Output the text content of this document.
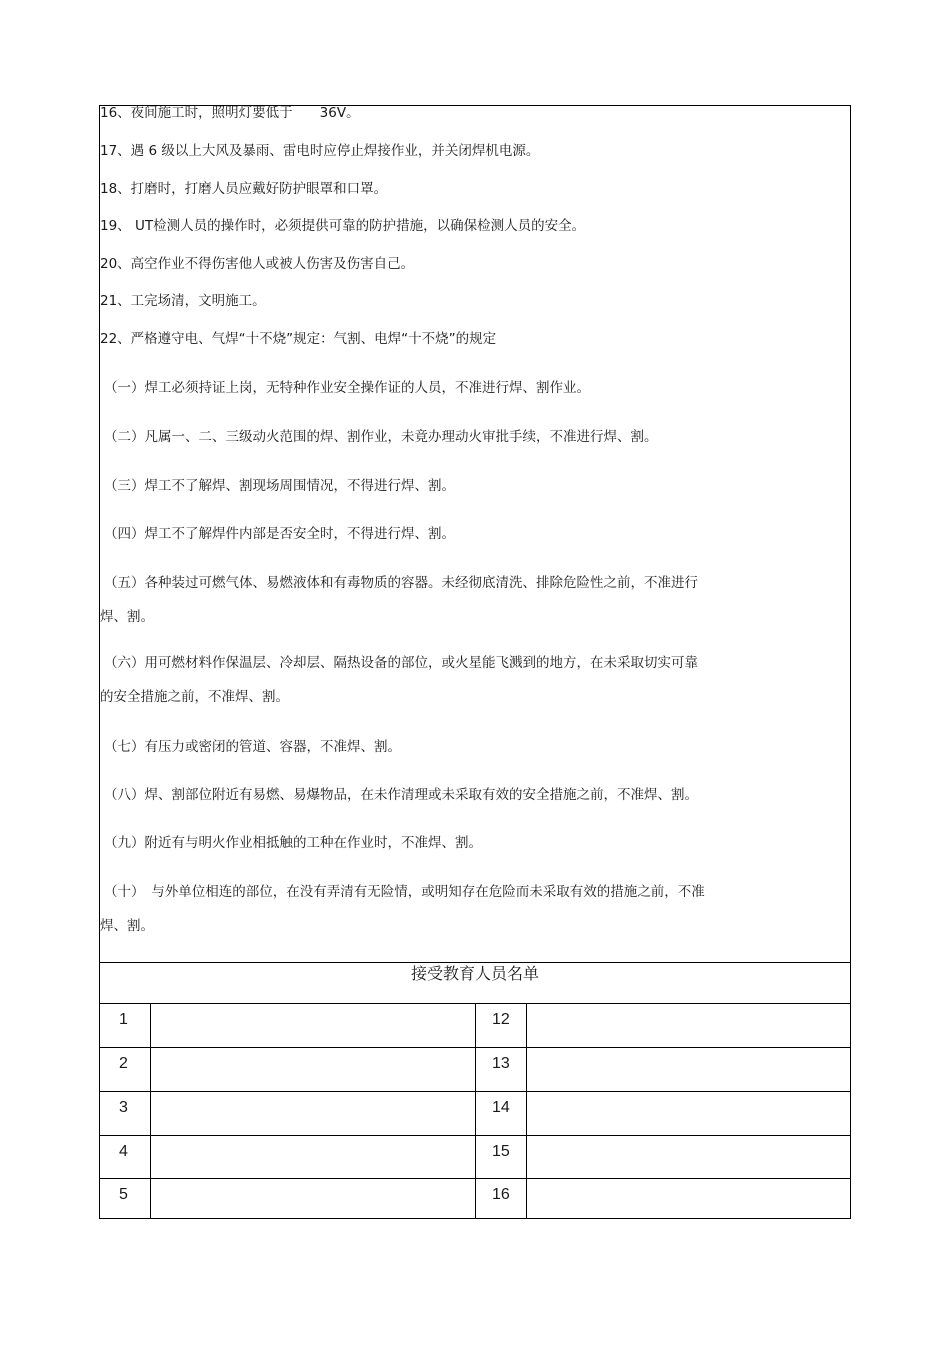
16、夜间施工时，照明灯要低于　　36V。
17、遇 6 级以上大风及暴雨、雷电时应停止焊接作业，并关闭焊机电源。
18、打磨时，打磨人员应戴好防护眼罩和口罩。
19、 UT检测人员的操作时，必须提供可靠的防护措施，以确保检测人员的安全。
20、高空作业不得伤害他人或被人伤害及伤害自己。
21、工完场清，文明施工。
22、严格遵守电、气焊“十不烧”规定：气割、电焊“十不烧”的规定
（一）焊工必须持证上岗，无特种作业安全操作证的人员，不准进行焊、割作业。
（二）凡属一、二、三级动火范围的焊、割作业，未竟办理动火审批手续，不准进行焊、割。
（三）焊工不了解焊、割现场周围情况，不得进行焊、割。
（四）焊工不了解焊件内部是否安全时，不得进行焊、割。
（五）各种装过可燃气体、易燃液体和有毒物质的容器。未经彻底清洗、排除危险性之前，不准进行
焊、割。
（六）用可燃材料作保温层、冷却层、隔热设备的部位，或火星能飞溅到的地方，在未采取切实可靠
的安全措施之前，不准焊、割。
（七）有压力或密闭的管道、容器，不准焊、割。
（八）焊、割部位附近有易燃、易爆物品，在未作清理或未采取有效的安全措施之前，不准焊、割。
（九）附近有与明火作业相抵触的工种在作业时，不准焊、割。
（十）　与外单位相连的部位，在没有弄清有无险情，或明知存在危险而未采取有效的措施之前，不准
焊、割。
接受教育人员名单
1
2
3
4
5
12
13
14
15
16
